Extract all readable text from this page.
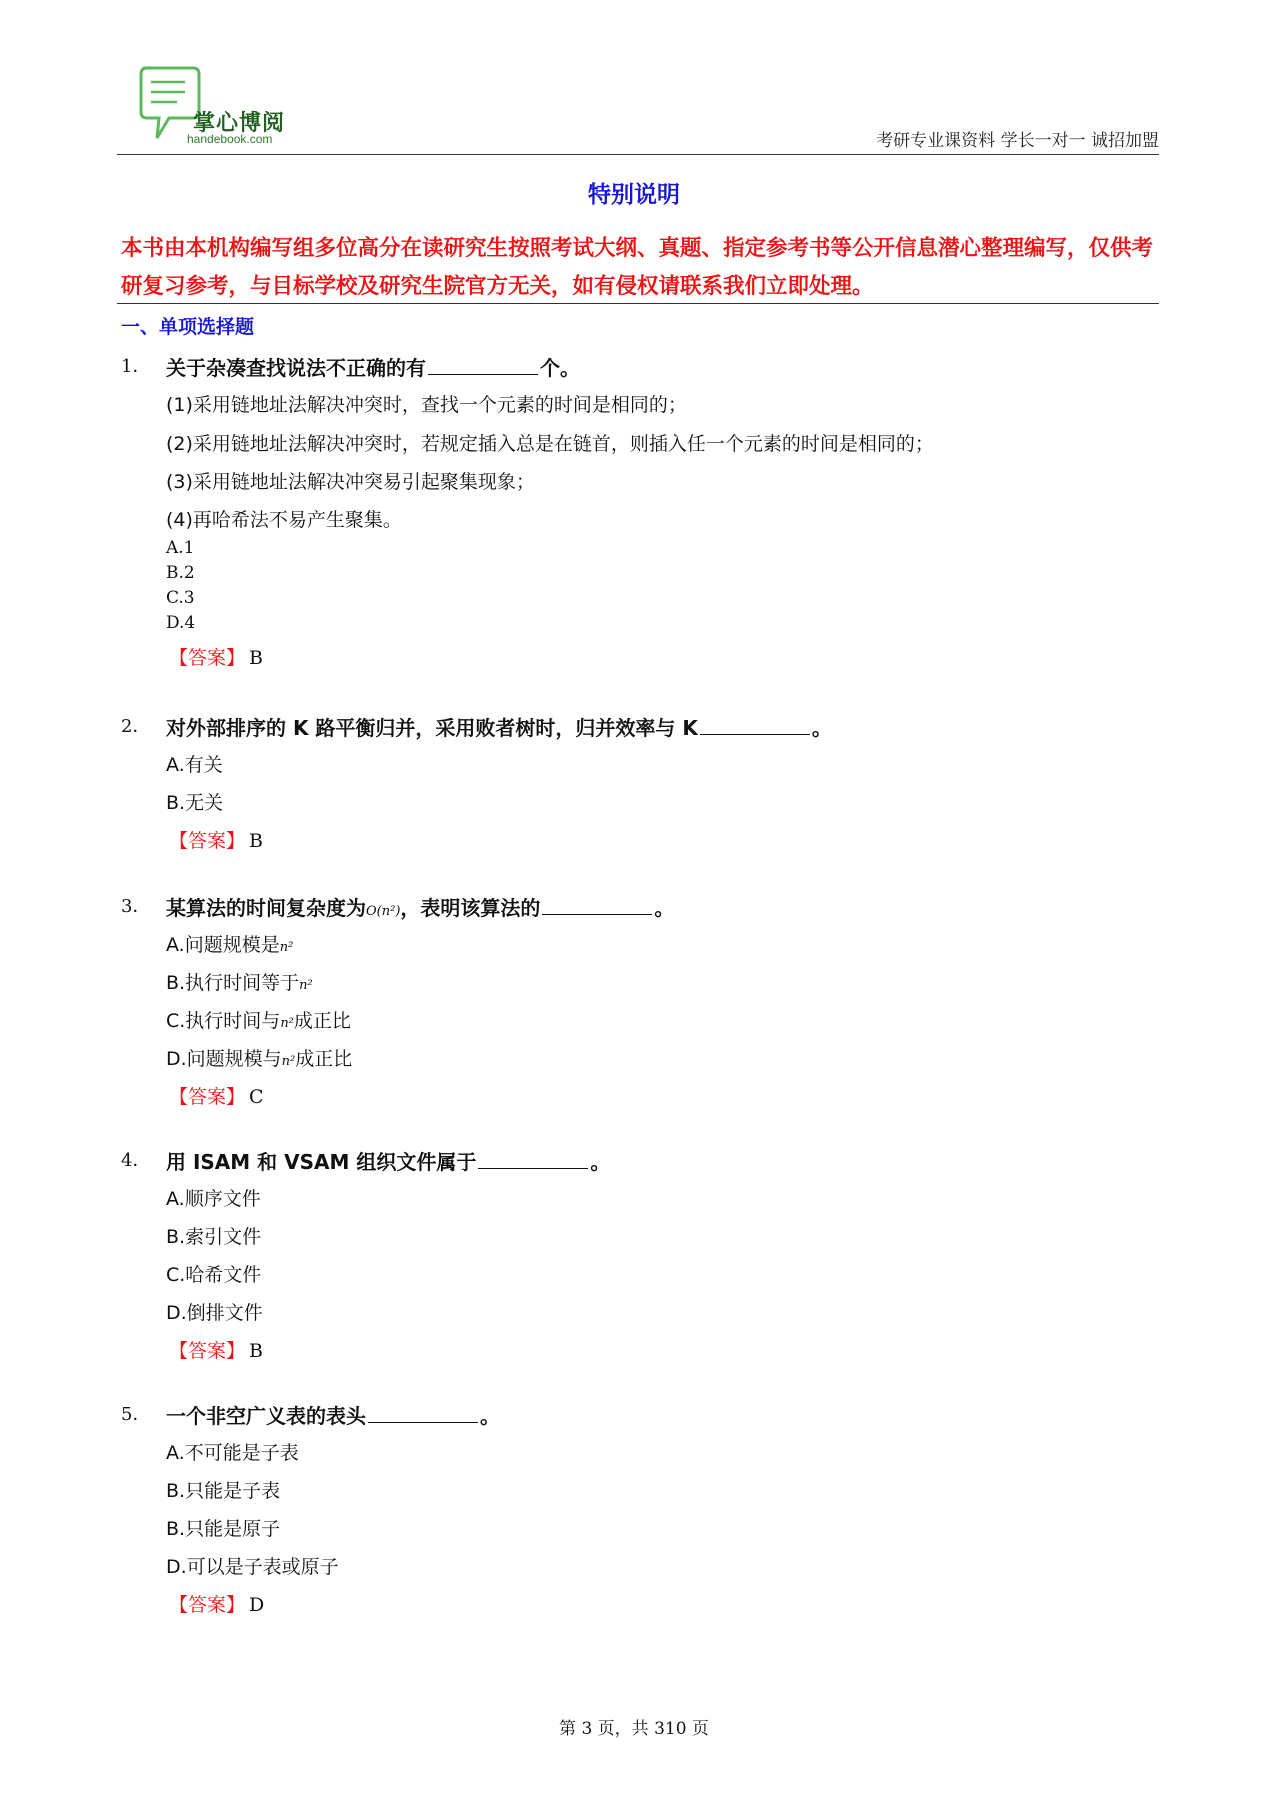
掌心博阅
handebook.com	考研专业课资料 学长一对一 诚招加盟
特别说明
本书由本机构编写组多位高分在读研究生按照考试大纲、真题、指定参考书等公开信息潜心整理编写，仅供考研复习参考，与目标学校及研究生院官方无关，如有侵权请联系我们立即处理。
一、单项选择题
1． 关于杂凑查找说法不正确的有	个。
(1)采用链地址法解决冲突时，查找一个元素的时间是相同的；
(2)采用链地址法解决冲突时，若规定插入总是在链首，则插入任一个元素的时间是相同的；
(3)采用链地址法解决冲突易引起聚集现象；
(4)再哈希法不易产生聚集。
A.1
B.2
C.3
D.4
【答案】 B
2． 对外部排序的 K 路平衡归并，采用败者树时，归并效率与 K	。
A.有关
B.无关
【答案】 B
3． 某算法的时间复杂度为O(n²)，表明该算法的	。
A.问题规模是n²
B.执行时间等于n²
C.执行时间与n²成正比
D.问题规模与n²成正比
【答案】 C
4． 用 ISAM 和 VSAM 组织文件属于	。
A.顺序文件
B.索引文件
C.哈希文件
D.倒排文件
【答案】 B
5． 一个非空广义表的表头	。
A.不可能是子表
B.只能是子表
B.只能是原子
D.可以是子表或原子
【答案】 D
第 3 页，共 310 页
